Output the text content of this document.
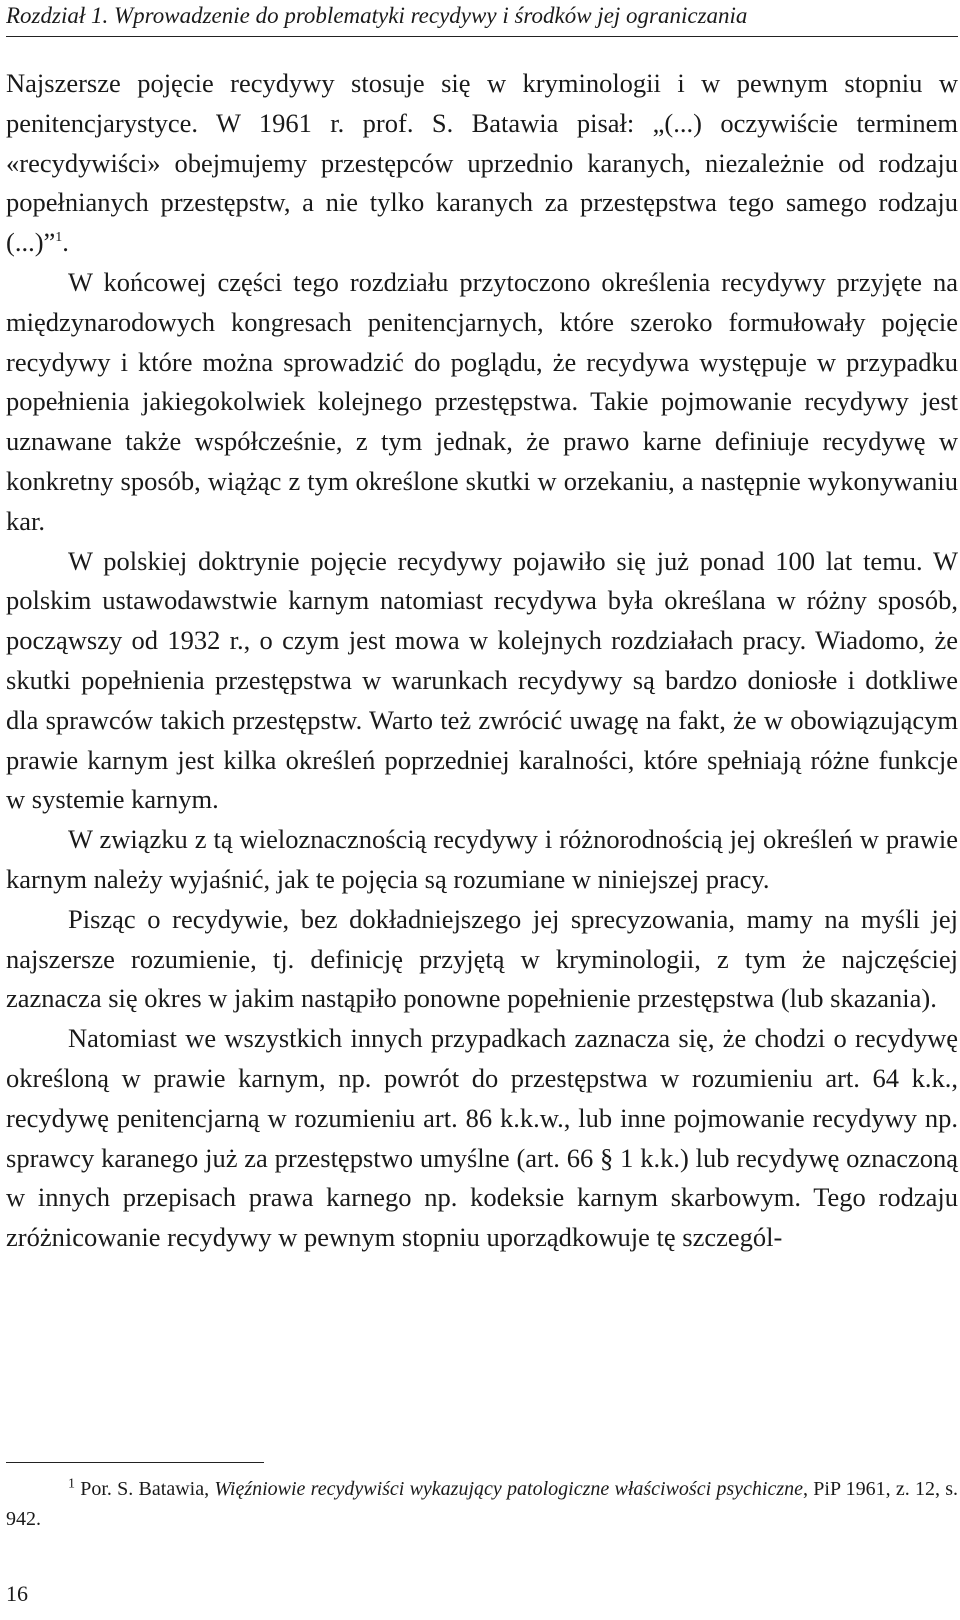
Rozdział 1. Wprowadzenie do problematyki recydywy i środków jej ograniczania

Najszersze pojęcie recydywy stosuje się w kryminologii i w pewnym stopniu w penitencjarystyce. W 1961 r. prof. S. Batawia pisał: „(...) oczywiście terminem «recydywiści» obejmujemy przestępców uprzednio karanych, niezależnie od rodzaju popełnianych przestępstw, a nie tylko karanych za przestępstwa tego samego rodzaju (...)”$^1$.

W końcowej części tego rozdziału przytoczono określenia recydywy przyjęte na międzynarodowych kongresach penitencjarnych, które szeroko formułowały pojęcie recydywy i które można sprowadzić do poglądu, że recydywa występuje w przypadku popełnienia jakiegokolwiek kolejnego przestępstwa. Takie pojmowanie recydywy jest uznawane także współcześnie, z tym jednak, że prawo karne definiuje recydywę w konkretny sposób, wiążąc z tym określone skutki w orzekaniu, a następnie wykonywaniu kar.

W polskiej doktrynie pojęcie recydywy pojawiło się już ponad 100 lat temu. W polskim ustawodawstwie karnym natomiast recydywa była określana w różny sposób, począwszy od 1932 r., o czym jest mowa w kolejnych rozdziałach pracy. Wiadomo, że skutki popełnienia przestępstwa w warunkach recydywy są bardzo doniosłe i dotkliwe dla sprawców takich przestępstw. Warto też zwrócić uwagę na fakt, że w obowiązującym prawie karnym jest kilka określeń poprzedniej karalności, które spełniają różne funkcje w systemie karnym.

W związku z tą wieloznacznością recydywy i różnorodnością jej określeń w prawie karnym należy wyjaśnić, jak te pojęcia są rozumiane w niniejszej pracy.

Pisząc o recydywie, bez dokładniejszego jej sprecyzowania, mamy na myśli jej najszersze rozumienie, tj. definicję przyjętą w kryminologii, z tym że najczęściej zaznacza się okres w jakim nastąpiło ponowne popełnienie przestępstwa (lub skazania).

Natomiast we wszystkich innych przypadkach zaznacza się, że chodzi o recydywę określoną w prawie karnym, np. powrót do przestępstwa w rozumieniu art. 64 k.k., recydywę penitencjarną w rozumieniu art. 86 k.k.w., lub inne pojmowanie recydywy np. sprawcy karanego już za przestępstwo umyślne (art. 66 § 1 k.k.) lub recydywę oznaczoną w innych przepisach prawa karnego np. kodeksie karnym skarbowym. Tego rodzaju zróżnicowanie recydywy w pewnym stopniu uporządkowuje tę szczegól-

$^1$ Por. S. Batawia, Więźniowie recydywiści wykazujący patologiczne właściwości psychiczne, PiP 1961, z. 12, s. 942.
16
